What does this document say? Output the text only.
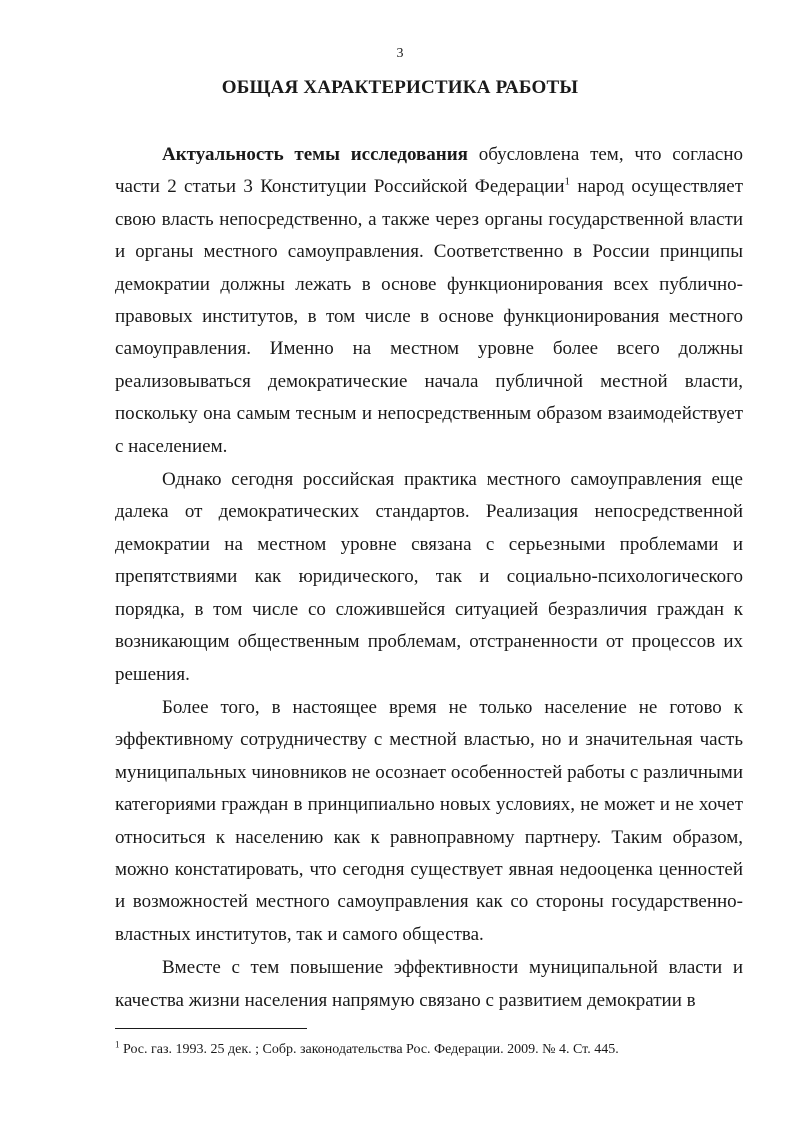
3
ОБЩАЯ ХАРАКТЕРИСТИКА РАБОТЫ

Актуальность темы исследования обусловлена тем, что согласно части 2 статьи 3 Конституции Российской Федерации$^1$ народ осуществляет свою власть непосредственно, а также через органы государственной власти и органы местного самоуправления. Соответственно в России принципы демократии должны лежать в основе функционирования всех публично-правовых институтов, в том числе в основе функционирования местного самоуправления. Именно на местном уровне более всего должны реализовываться демократические начала публичной местной власти, поскольку она самым тесным и непосредственным образом взаимодействует с населением.

Однако сегодня российская практика местного самоуправления еще далека от демократических стандартов. Реализация непосредственной демократии на местном уровне связана с серьезными проблемами и препятствиями как юридического, так и социально-психологического порядка, в том числе со сложившейся ситуацией безразличия граждан к возникающим общественным проблемам, отстраненности от процессов их решения.

Более того, в настоящее время не только население не готово к эффективному сотрудничеству с местной властью, но и значительная часть муниципальных чиновников не осознает особенностей работы с различными категориями граждан в принципиально новых условиях, не может и не хочет относиться к населению как к равноправному партнеру. Таким образом, можно констатировать, что сегодня существует явная недооценка ценностей и возможностей местного самоуправления как со стороны государственно-властных институтов, так и самого общества.

Вместе с тем повышение эффективности муниципальной власти и качества жизни населения напрямую связано с развитием демократии в

$^1$ Рос. газ. 1993. 25 дек. ; Собр. законодательства Рос. Федерации. 2009. № 4. Ст. 445.
